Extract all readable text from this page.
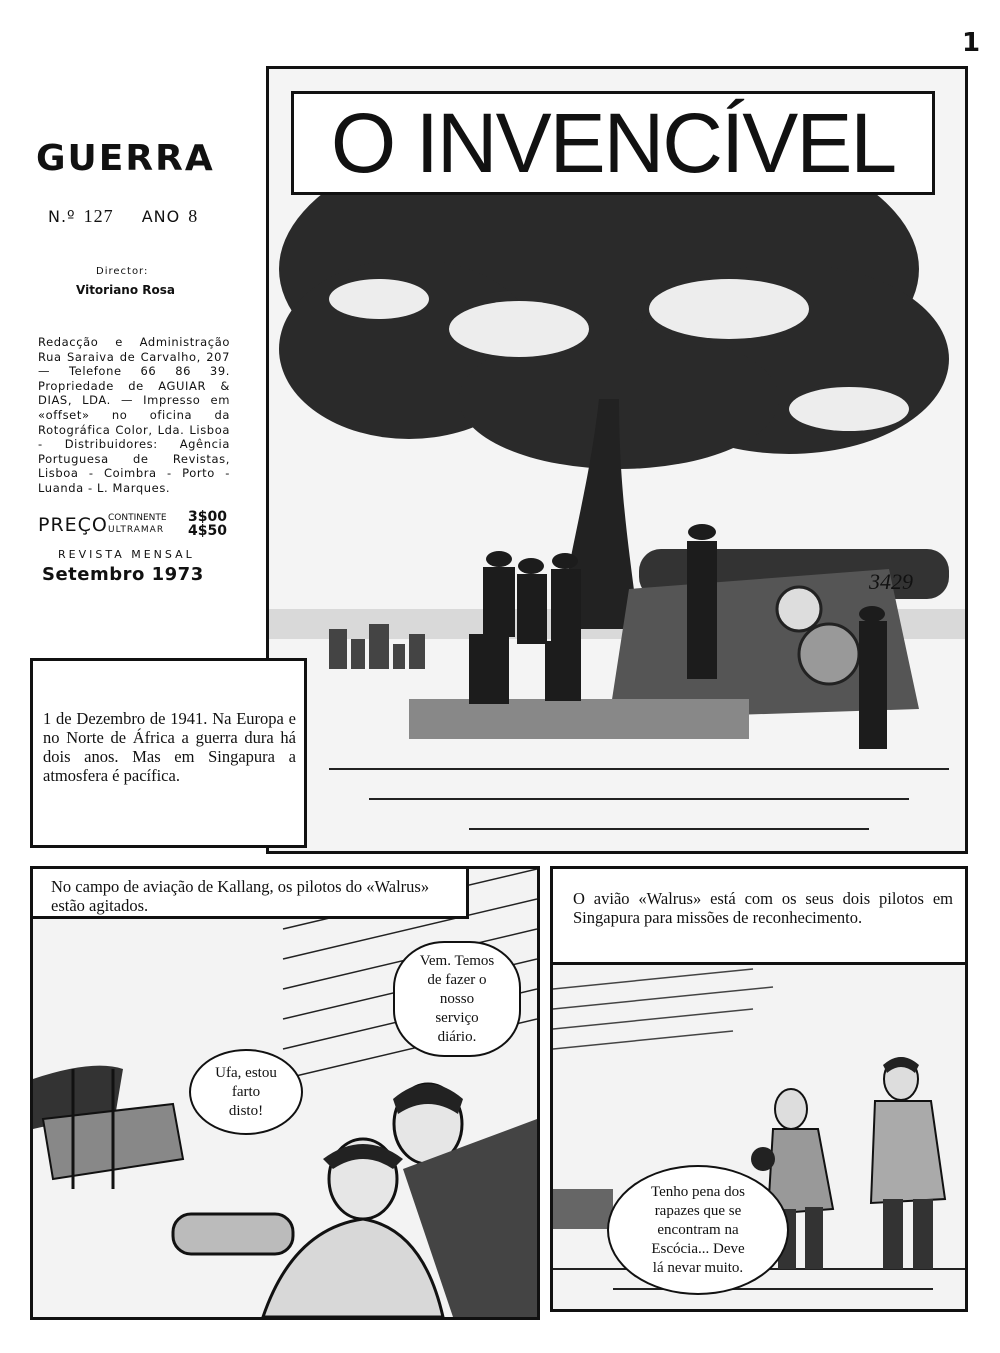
1
GUERRA
N.º 127 ANO 8
Director:
Vitoriano Rosa
Redacção e Administração Rua Saraiva de Carvalho, 207 — Telefone 66 86 39. Propriedade de AGUIAR & DIAS, LDA. — Impresso em «offset» no oficina da Rotográfica Color, Lda. Lisboa - Distribuidores: Agência Portuguesa de Revistas, Lisboa - Coimbra - Porto - Luanda - L. Marques.
PREÇO CONTINENTE
ULTRAMAR
3$00
4$50
REVISTA MENSAL
Setembro 1973
O INVENCÍVEL
3429
1 de Dezembro de 1941. Na Europa e no Norte de África a guerra dura há dois anos. Mas em Singapura a atmosfera é pacífica.
No campo de aviação de Kallang, os pilotos do «Walrus» estão agitados.
Vem. Temos
de fazer o
nosso
serviço
diário.
Ufa, estou
farto
disto!
O avião «Walrus» está com os seus dois pilotos em Singapura para missões de reconhecimento.
Tenho pena dos
rapazes que se
encontram na
Escócia... Deve
lá nevar muito.
